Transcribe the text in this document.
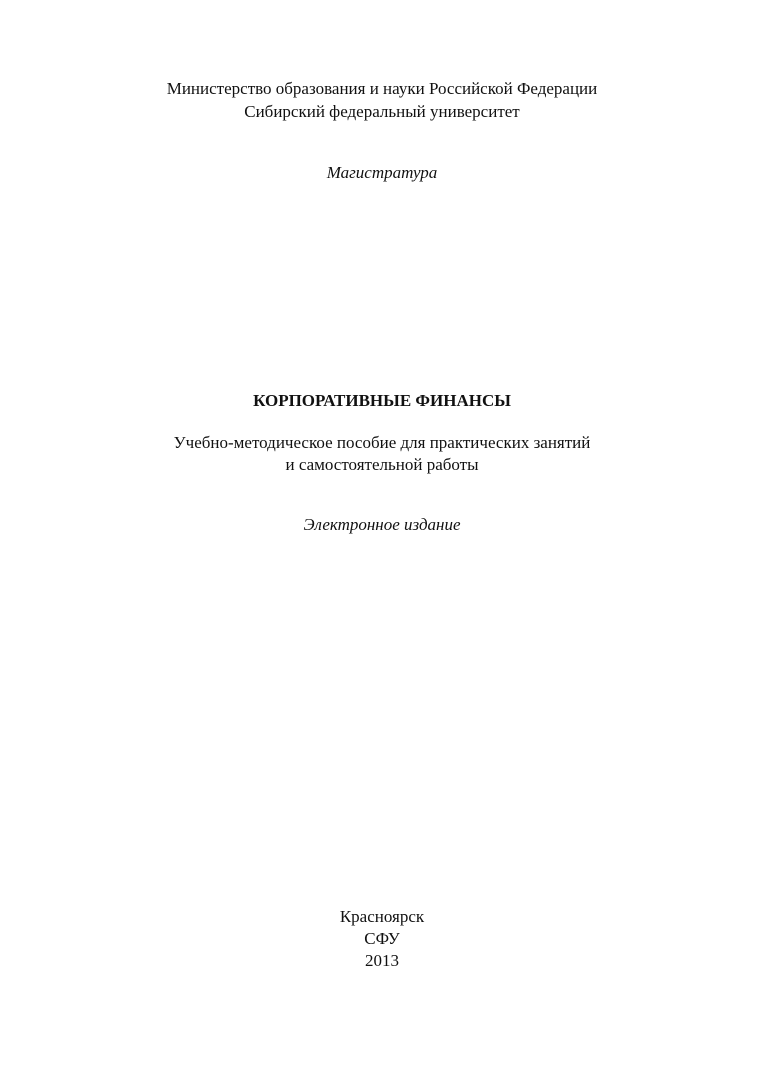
Министерство образования и науки Российской Федерации
Сибирский федеральный университет
Магистратура
КОРПОРАТИВНЫЕ ФИНАНСЫ
Учебно-методическое пособие для практических занятий
и самостоятельной работы
Электронное издание
Красноярск
СФУ
2013
